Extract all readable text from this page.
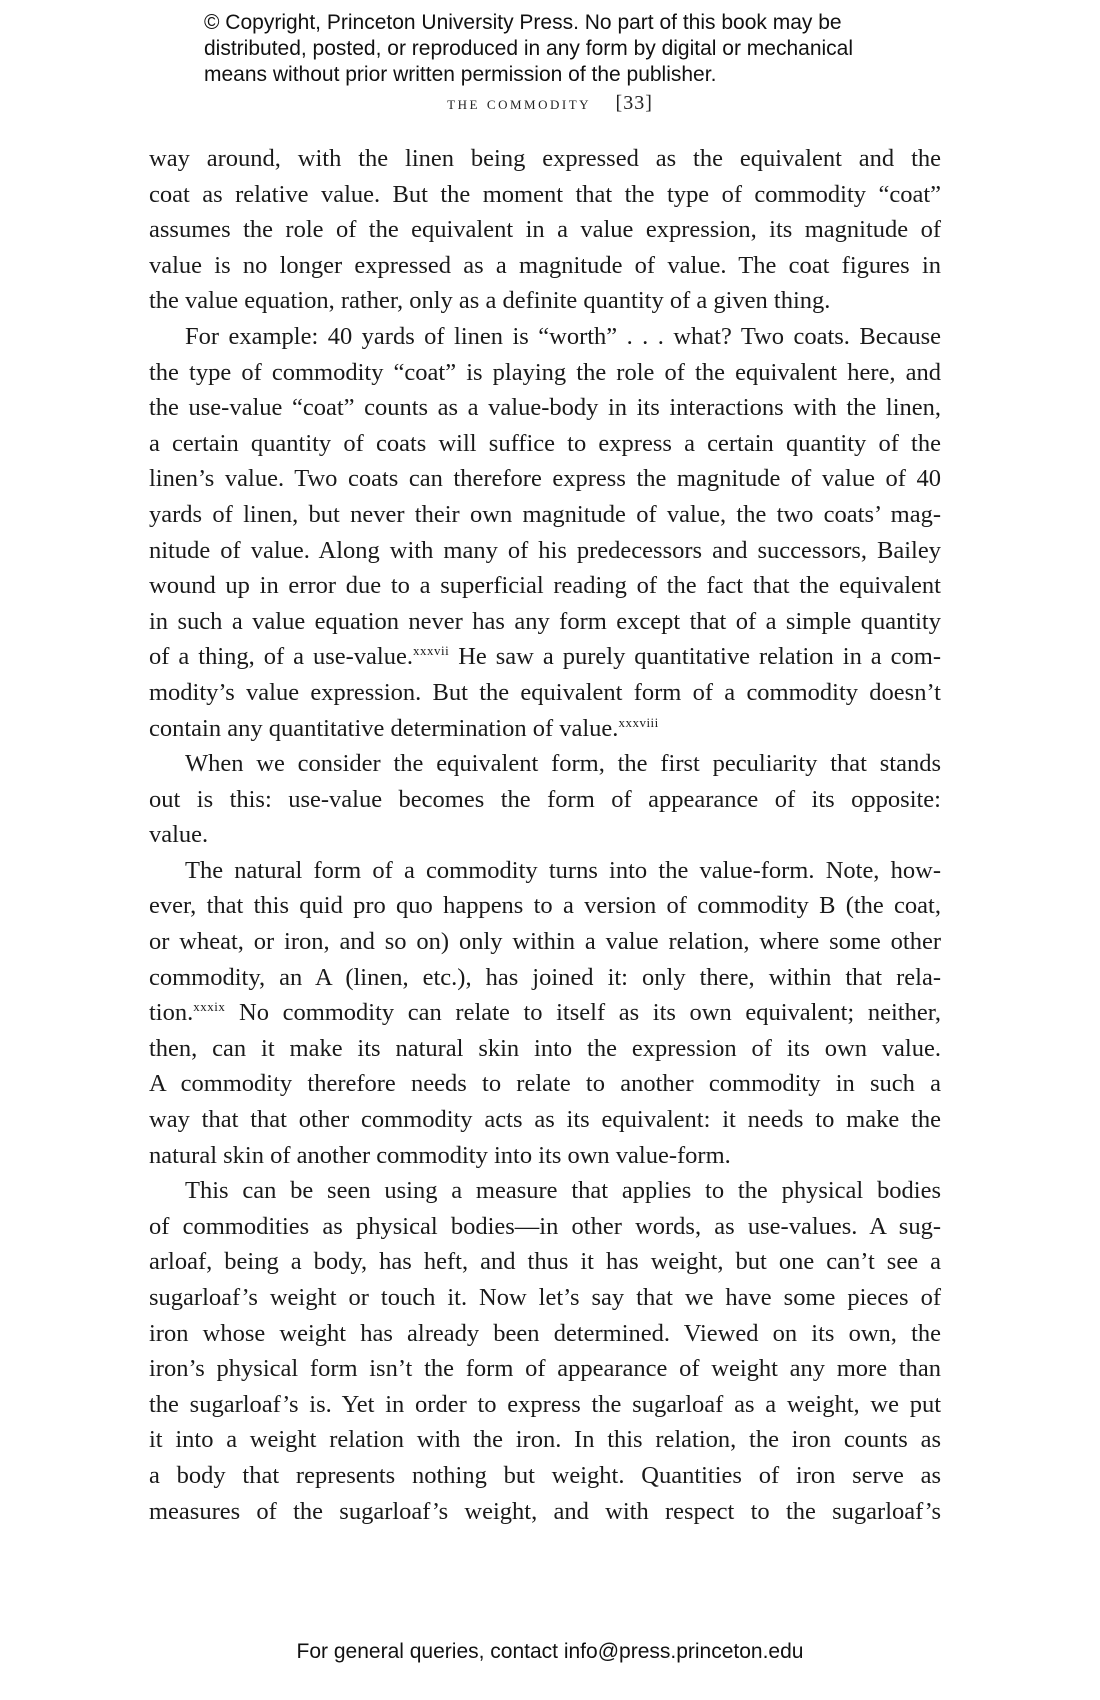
© Copyright, Princeton University Press. No part of this book may be
distributed, posted, or reproduced in any form by digital or mechanical
means without prior written permission of the publisher.
the commodity [33]
way around, with the linen being expressed as the equivalent and the
coat as relative value. But the moment that the type of commodity “coat”
assumes the role of the equivalent in a value expression, its magnitude of
value is no longer expressed as a magnitude of value. The coat figures in
the value equation, rather, only as a definite quantity of a given thing.
For example: 40 yards of linen is “worth” . . . what? Two coats. Because
the type of commodity “coat” is playing the role of the equivalent here, and
the use-value “coat” counts as a value-body in its interactions with the linen,
a certain quantity of coats will suffice to express a certain quantity of the
linen’s value. Two coats can therefore express the magnitude of value of 40
yards of linen, but never their own magnitude of value, the two coats’ mag-
nitude of value. Along with many of his predecessors and successors, Bailey
wound up in error due to a superficial reading of the fact that the equivalent
in such a value equation never has any form except that of a simple quantity
of a thing, of a use-value.$^{xxxvii}$ He saw a purely quantitative relation in a com-
modity’s value expression. But the equivalent form of a commodity doesn’t
contain any quantitative determination of value.$^{xxxviii}$
When we consider the equivalent form, the first peculiarity that stands
out is this: use-value becomes the form of appearance of its opposite:
value.
The natural form of a commodity turns into the value-form. Note, how-
ever, that this quid pro quo happens to a version of commodity B (the coat,
or wheat, or iron, and so on) only within a value relation, where some other
commodity, an A (linen, etc.), has joined it: only there, within that rela-
tion.$^{xxxix}$ No commodity can relate to itself as its own equivalent; neither,
then, can it make its natural skin into the expression of its own value.
A commodity therefore needs to relate to another commodity in such a
way that that other commodity acts as its equivalent: it needs to make the
natural skin of another commodity into its own value-form.
This can be seen using a measure that applies to the physical bodies
of commodities as physical bodies—in other words, as use-values. A sug-
arloaf, being a body, has heft, and thus it has weight, but one can’t see a
sugarloaf’s weight or touch it. Now let’s say that we have some pieces of
iron whose weight has already been determined. Viewed on its own, the
iron’s physical form isn’t the form of appearance of weight any more than
the sugarloaf’s is. Yet in order to express the sugarloaf as a weight, we put
it into a weight relation with the iron. In this relation, the iron counts as
a body that represents nothing but weight. Quantities of iron serve as
measures of the sugarloaf’s weight, and with respect to the sugarloaf’s
For general queries, contact info@press.princeton.edu
